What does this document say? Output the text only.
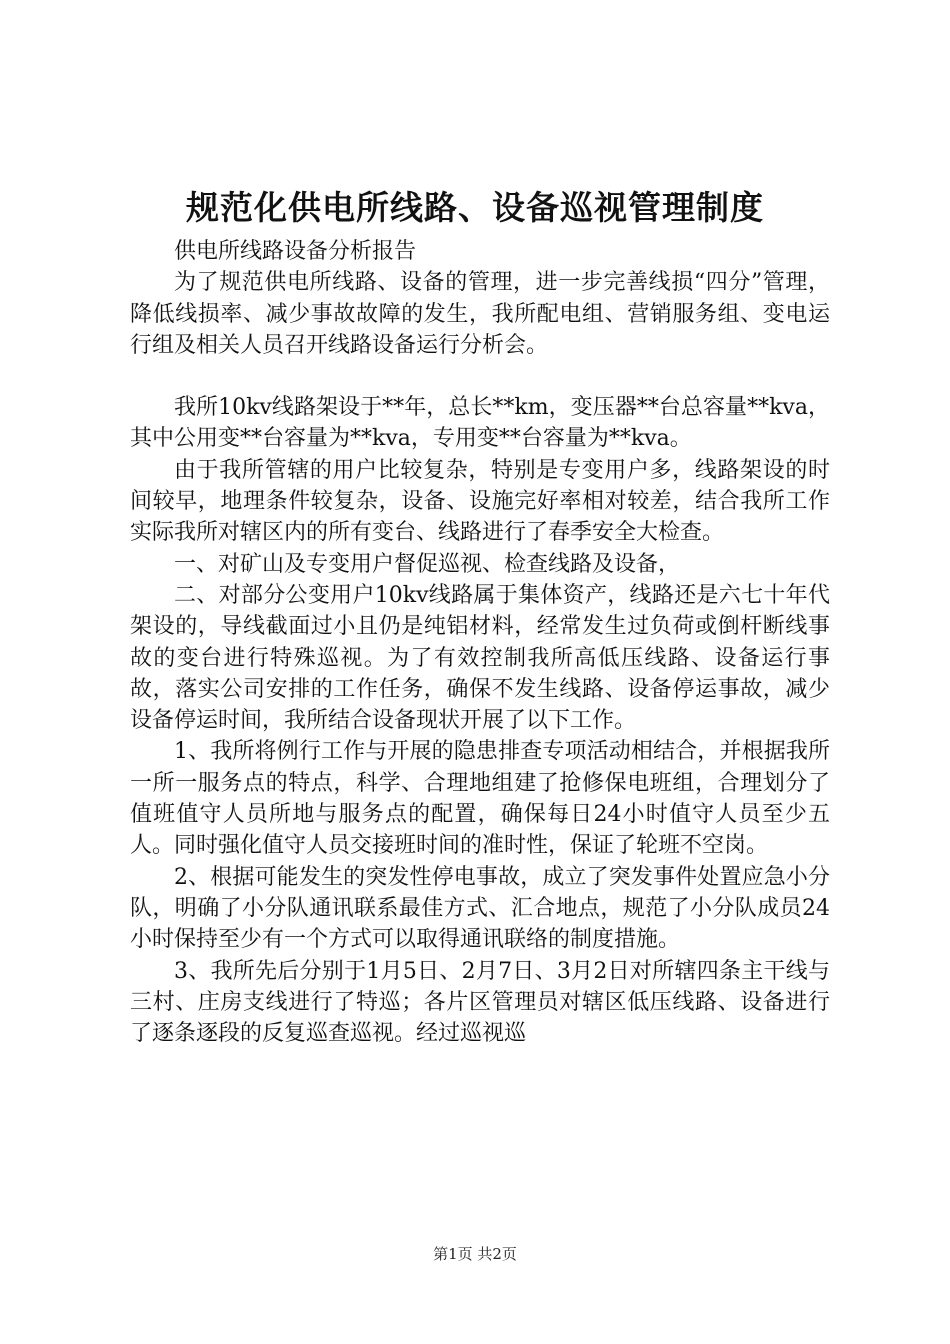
规范化供电所线路、设备巡视管理制度

供电所线路设备分析报告

为了规范供电所线路、设备的管理，进一步完善线损“四分”管理，降低线损率、减少事故故障的发生，我所配电组、营销服务组、变电运行组及相关人员召开线路设备运行分析会。

我所10kv线路架设于**年，总长**km，变压器**台总容量**kva，其中公用变**台容量为**kva，专用变**台容量为**kva。

由于我所管辖的用户比较复杂，特别是专变用户多，线路架设的时间较早，地理条件较复杂，设备、设施完好率相对较差，结合我所工作实际我所对辖区内的所有变台、线路进行了春季安全大检查。

一、对矿山及专变用户督促巡视、检查线路及设备，

二、对部分公变用户10kv线路属于集体资产，线路还是六七十年代架设的，导线截面过小且仍是纯铝材料，经常发生过负荷或倒杆断线事故的变台进行特殊巡视。为了有效控制我所高低压线路、设备运行事故，落实公司安排的工作任务，确保不发生线路、设备停运事故，减少设备停运时间，我所结合设备现状开展了以下工作。

1、我所将例行工作与开展的隐患排查专项活动相结合，并根据我所一所一服务点的特点，科学、合理地组建了抢修保电班组，合理划分了值班值守人员所地与服务点的配置，确保每日24小时值守人员至少五人。同时强化值守人员交接班时间的准时性，保证了轮班不空岗。

2、根据可能发生的突发性停电事故，成立了突发事件处置应急小分队，明确了小分队通讯联系最佳方式、汇合地点，规范了小分队成员24小时保持至少有一个方式可以取得通讯联络的制度措施。

3、我所先后分别于1月5日、2月7日、3月2日对所辖四条主干线与三村、庄房支线进行了特巡；各片区管理员对辖区低压线路、设备进行了逐条逐段的反复巡查巡视。经过巡视巡

第1页 共2页
